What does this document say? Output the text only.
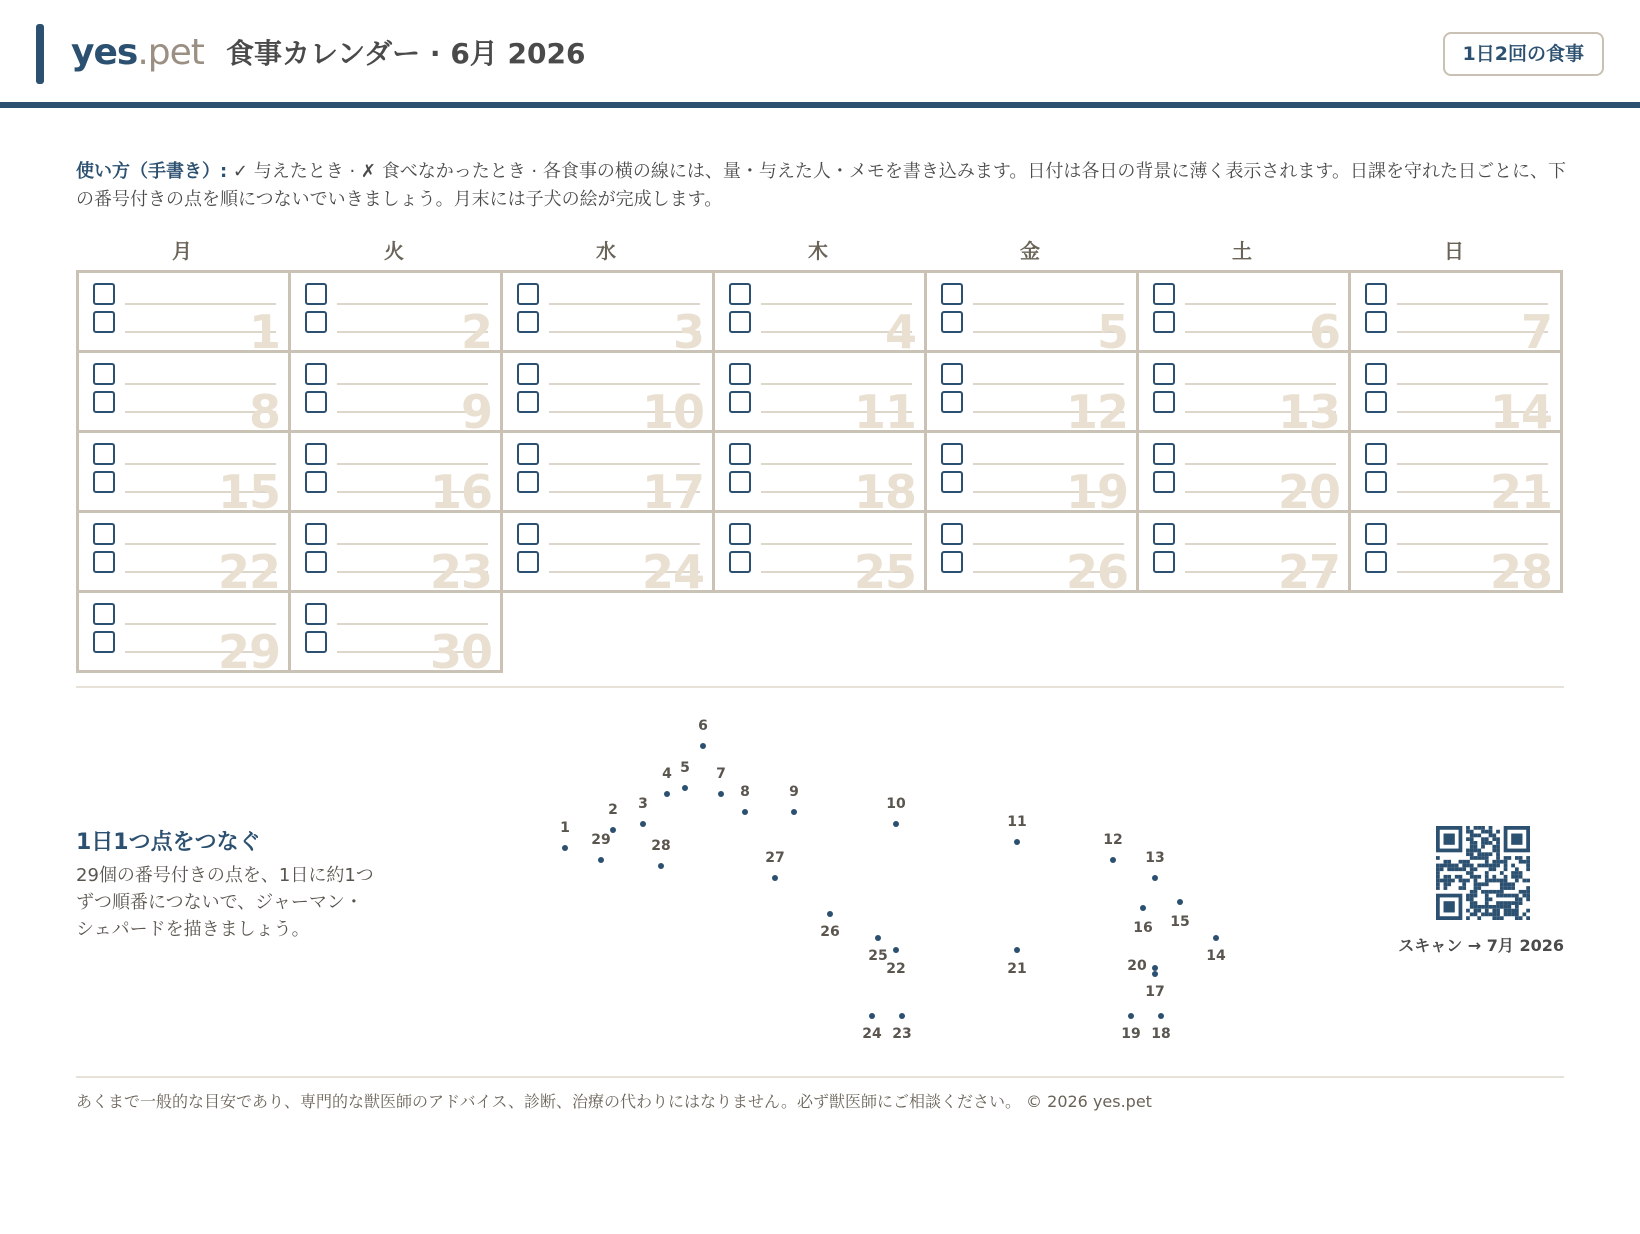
yes.pet 食事カレンダー · 6月 2026	1日2回の食事
使い方（手書き）: ✓ 与えたとき · ✗ 食べなかったとき · 各食事の横の線には、量・与えた人・メモを書き込みます。日付は各日の背景に薄く表示されます。日課を守れた日ごとに、下の番号付きの点を順につないでいきましょう。月末には子犬の絵が完成します。
月	火	水	木	金	土	日
1	2	3	4	5	6	7
8	9	10	11	12	13	14
15	16	17	18	19	20	21
22	23	24	25	26	27	28
29	30
1日1つ点をつなぐ
29個の番号付きの点を、1日に約1つずつ順番につないで、ジャーマン・シェパードを描きましょう。
1
2 3
4 5
6
7
8	9
10
11
12
13
14
15
16
17
18
19
20
21
22
23
24
25
26
27
28
29
スキャン → 7月 2026
あくまで一般的な目安であり、専門的な獣医師のアドバイス、診断、治療の代わりにはなりません。必ず獣医師にご相談ください。 © 2026 yes.pet
